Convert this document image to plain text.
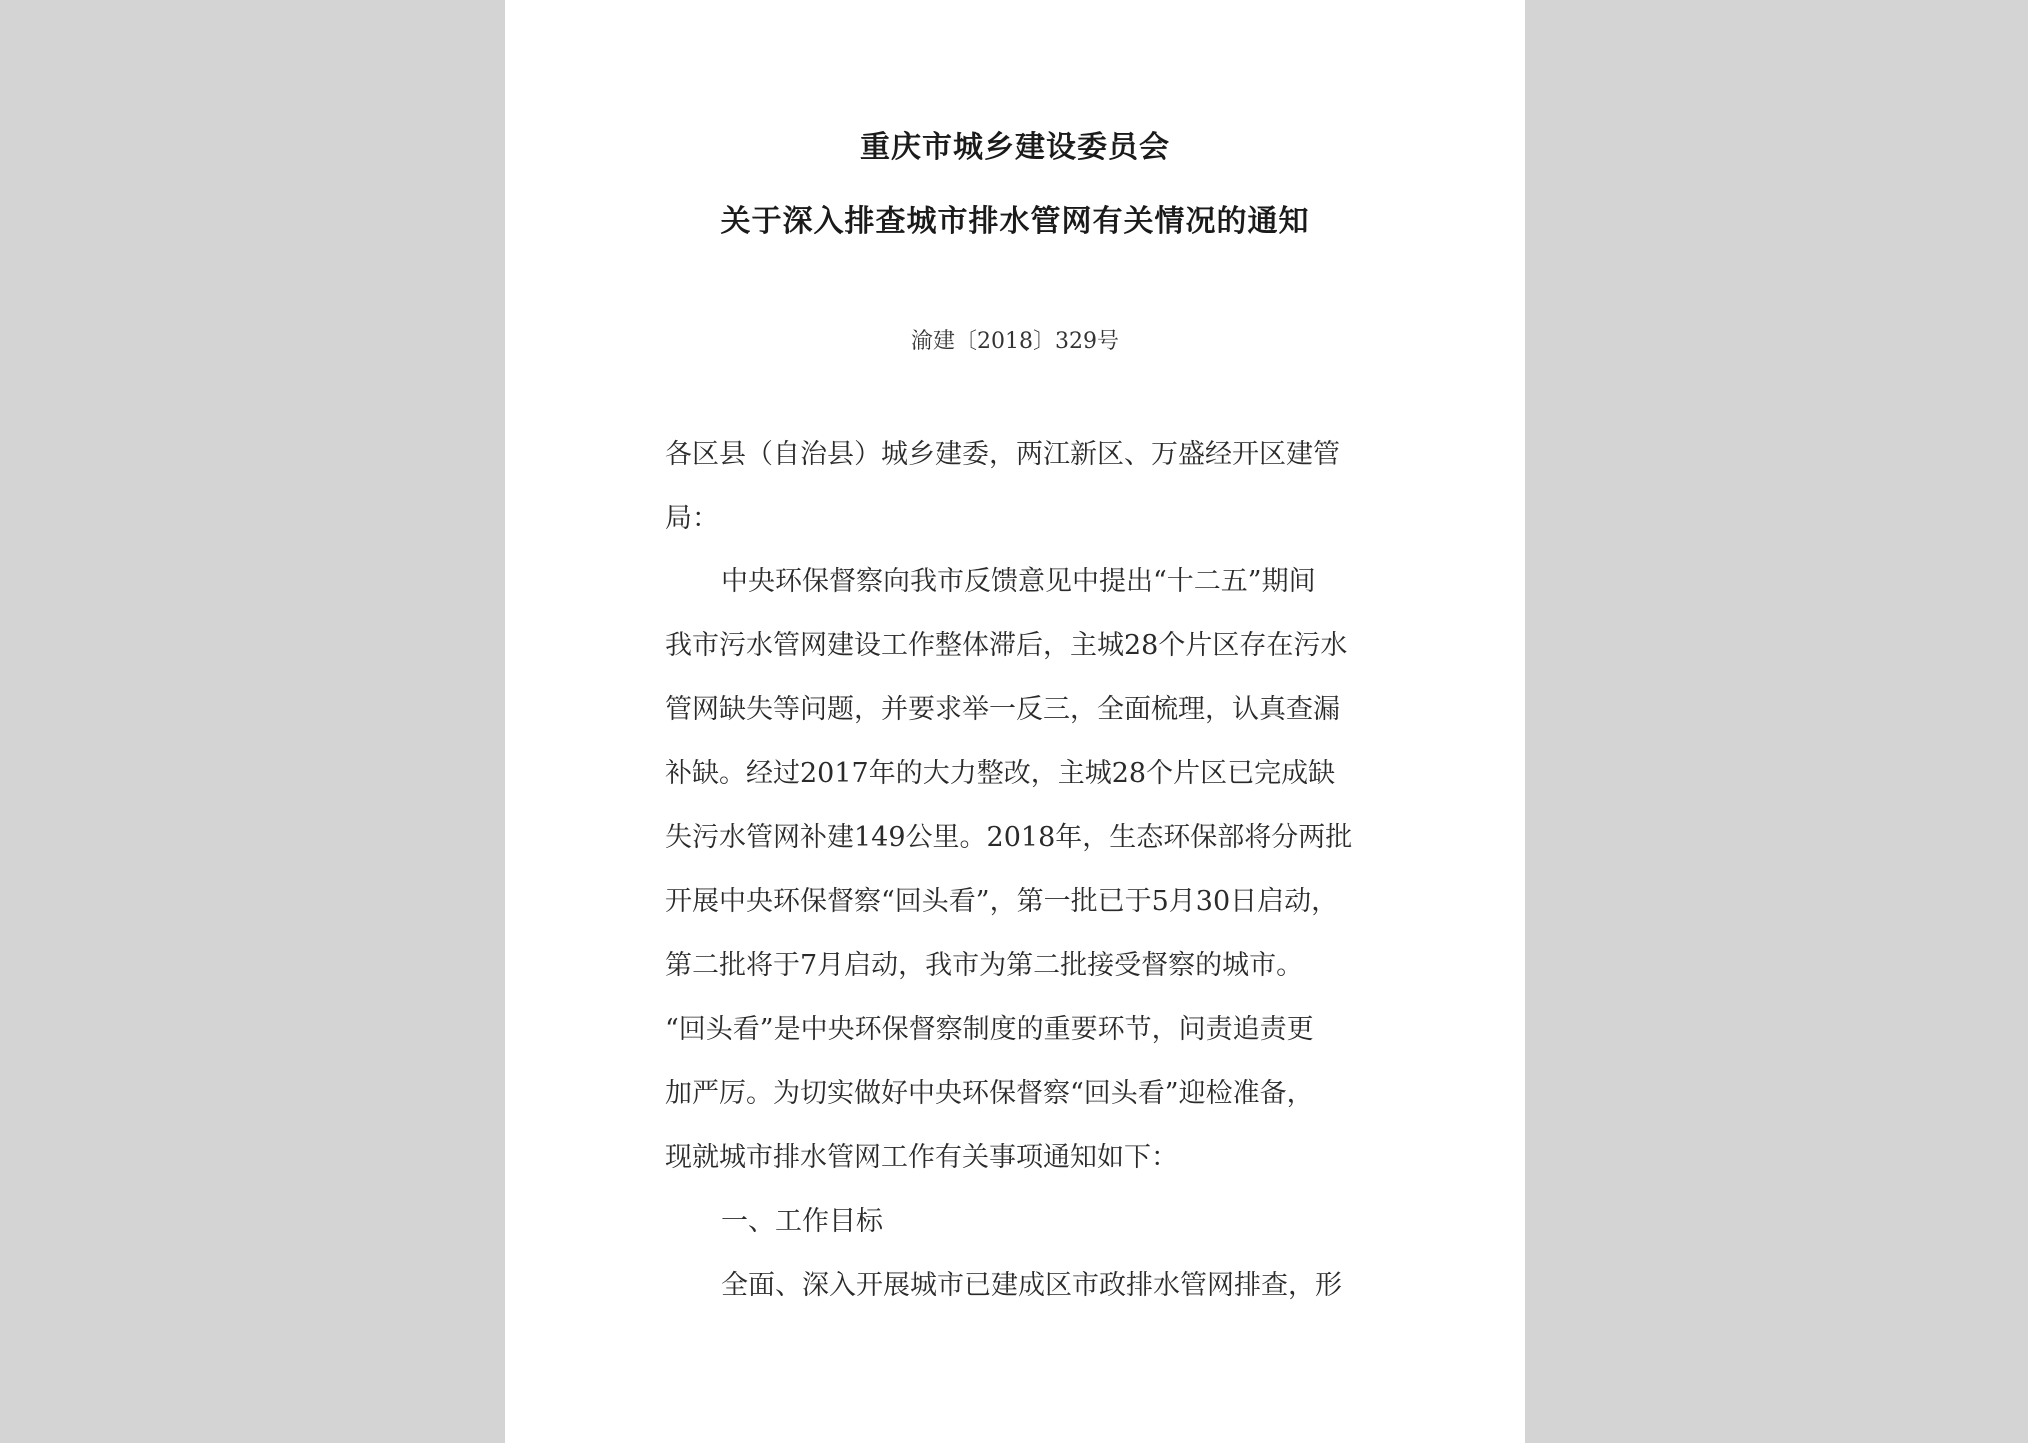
重庆市城乡建设委员会
关于深入排查城市排水管网有关情况的通知
渝建〔2018〕329号
各区县（自治县）城乡建委，两江新区、万盛经开区建管
局：
中央环保督察向我市反馈意见中提出“十二五”期间
我市污水管网建设工作整体滞后，主城28个片区存在污水
管网缺失等问题，并要求举一反三，全面梳理，认真查漏
补缺。经过2017年的大力整改，主城28个片区已完成缺
失污水管网补建149公里。2018年，生态环保部将分两批
开展中央环保督察“回头看”，第一批已于5月30日启动，
第二批将于7月启动，我市为第二批接受督察的城市。
“回头看”是中央环保督察制度的重要环节，问责追责更
加严厉。为切实做好中央环保督察“回头看”迎检准备，
现就城市排水管网工作有关事项通知如下：
一、工作目标
全面、深入开展城市已建成区市政排水管网排查，形
